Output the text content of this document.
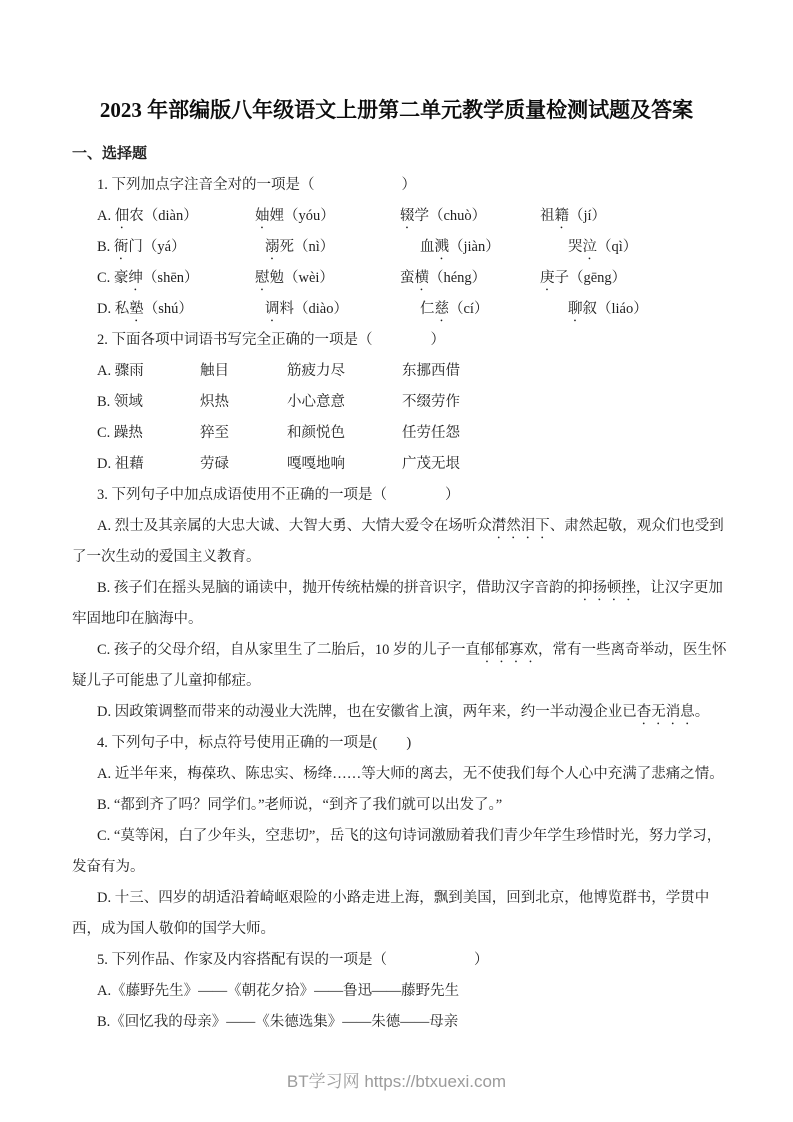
2023 年部编版八年级语文上册第二单元教学质量检测试题及答案
一、选择题
1. 下列加点字注音全对的一项是（　　　　　　）
A. 佃农（diàn）	妯娌（yóu）	辍学（chuò）	祖籍（jí）
B. 衙门（yá）	溺死（nì）	血溅（jiàn）	哭泣（qì）
C. 豪绅（shēn）	慰勉（wèi）	蛮横（héng）	庚子（gēng）
D. 私塾（shú）	调料（diào）	仁慈（cí）	聊叙（liáo）
2. 下面各项中词语书写完全正确的一项是（　　　　）
A. 骤雨	触目	筋疲力尽	东挪西借
B. 领域	炽热	小心意意	不缀劳作
C. 躁热	猝至	和颜悦色	任劳任怨
D. 祖藉	劳碌	嘎嘎地响	广茂无垠
3. 下列句子中加点成语使用不正确的一项是（　　　　）
A. 烈士及其亲属的大忠大诚、大智大勇、大情大爱令在场听众潸然泪下、肃然起敬，观众们也受到了一次生动的爱国主义教育。
B. 孩子们在摇头晃脑的诵读中，抛开传统枯燥的拼音识字，借助汉字音韵的抑扬顿挫，让汉字更加牢固地印在脑海中。
C. 孩子的父母介绍，自从家里生了二胎后，10 岁的儿子一直郁郁寡欢，常有一些离奇举动，医生怀疑儿子可能患了儿童抑郁症。
D. 因政策调整而带来的动漫业大洗牌，也在安徽省上演，两年来，约一半动漫企业已杳无消息。
4. 下列句子中，标点符号使用正确的一项是(　　)
A. 近半年来，梅葆玖、陈忠实、杨绛……等大师的离去，无不使我们每个人心中充满了悲痛之情。
B. “都到齐了吗？同学们。”老师说，“到齐了我们就可以出发了。”
C. “莫等闲，白了少年头，空悲切”，岳飞的这句诗词激励着我们青少年学生珍惜时光，努力学习，发奋有为。
D. 十三、四岁的胡适沿着崎岖艰险的小路走进上海，飘到美国，回到北京，他博览群书，学贯中西，成为国人敬仰的国学大师。
5. 下列作品、作家及内容搭配有误的一项是（　　　　　　）
A.《藤野先生》——《朝花夕拾》——鲁迅——藤野先生
B.《回忆我的母亲》——《朱德选集》——朱德——母亲
BT学习网 https://btxuexi.com
